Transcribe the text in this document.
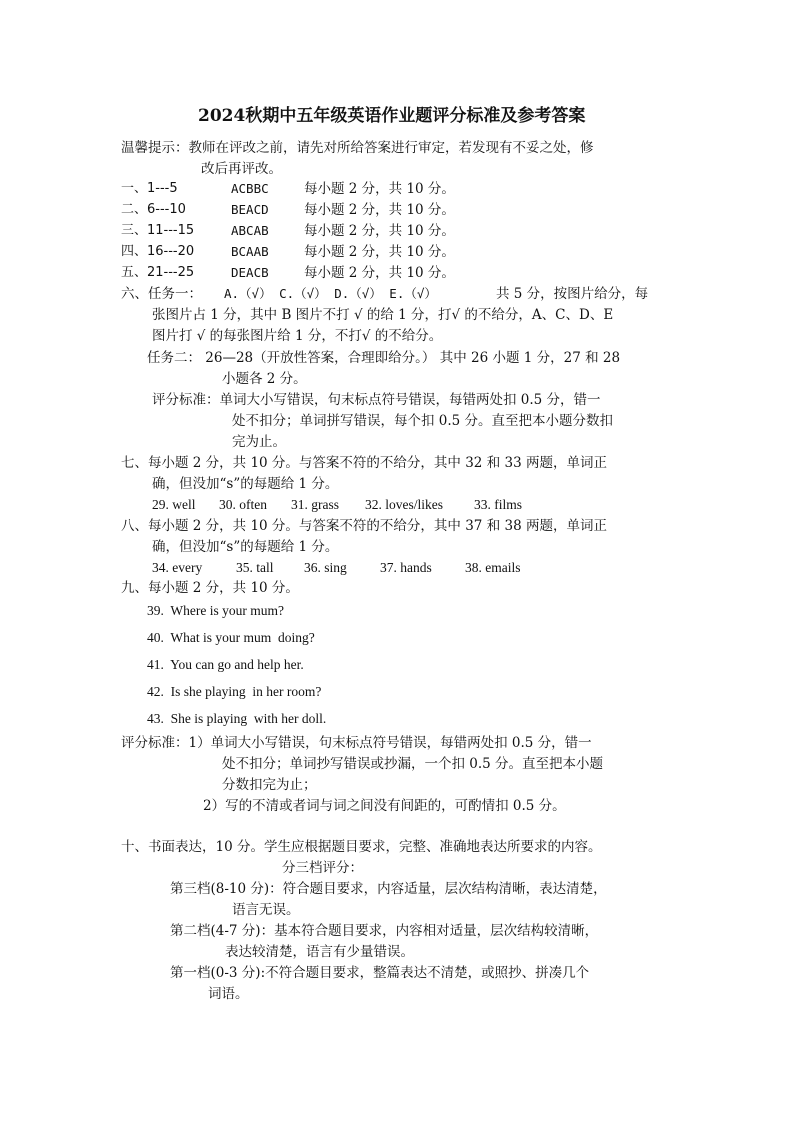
2024秋期中五年级英语作业题评分标准及参考答案
温馨提示：教师在评改之前，请先对所给答案进行审定，若发现有不妥之处，修
改后再评改。
一、1---5	ACBBC	每小题 2 分，共 10 分。
二、6---10	BEACD	每小题 2 分，共 10 分。
三、11---15	ABCAB	每小题 2 分，共 10 分。
四、16---20	BCAAB	每小题 2 分，共 10 分。
五、21---25	DEACB	每小题 2 分，共 10 分。
六、任务一： A.（√） C.（√） D.（√） E.（√）	共 5 分，按图片给分，每
张图片占 1 分，其中 B 图片不打 √ 的给 1 分，打√ 的不给分，A、C、D、E
图片打 √ 的每张图片给 1 分，不打√ 的不给分。
任务二： 26—28（开放性答案，合理即给分。） 其中 26 小题 1 分，27 和 28
小题各 2 分。
评分标准：单词大小写错误，句末标点符号错误，每错两处扣 0.5 分，错一
处不扣分；单词拼写错误，每个扣 0.5 分。直至把本小题分数扣
完为止。
七、每小题 2 分，共 10 分。与答案不符的不给分，其中 32 和 33 两题，单词正
确，但没加“s”的每题给 1 分。
29. well 30. often 31. grass 32. loves/likes 33. films
八、每小题 2 分，共 10 分。与答案不符的不给分，其中 37 和 38 两题，单词正
确，但没加“s”的每题给 1 分。
34. every	35. tall 36. sing 37. hands 38. emails
九、每小题 2 分，共 10 分。
39.  Where is your mum?
40.  What is your mum  doing?
41.  You can go and help her.
42.  Is she playing  in her room?
43.  She is playing  with her doll.
评分标准：1）单词大小写错误，句末标点符号错误，每错两处扣 0.5 分，错一
处不扣分；单词抄写错误或抄漏，一个扣 0.5 分。直至把本小题
分数扣完为止；
2）写的不清或者词与词之间没有间距的，可酌情扣 0.5 分。
十、书面表达，10 分。学生应根据题目要求，完整、准确地表达所要求的内容。
分三档评分：
第三档(8-10 分)：符合题目要求，内容适量，层次结构清晰，表达清楚，
语言无误。
第二档(4-7 分)：基本符合题目要求，内容相对适量，层次结构较清晰，
表达较清楚，语言有少量错误。
第一档(0-3 分):不符合题目要求，整篇表达不清楚，或照抄、拼凑几个
词语。
